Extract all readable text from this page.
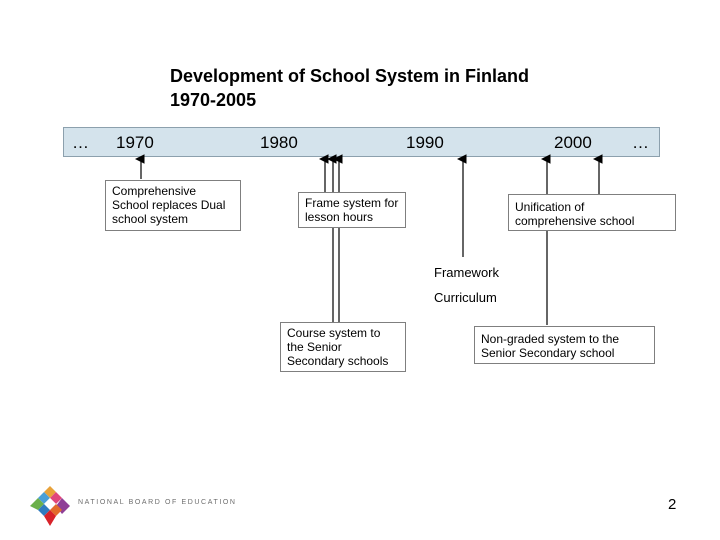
Development of School System in Finland
1970-2005
… 1970	1980	1990	2000 …
Comprehensive School replaces Dual school system
Frame system for lesson hours
Unification of comprehensive school
Framework
Curriculum
Course system to the Senior Secondary schools
Non-graded system to the Senior Secondary school
NATIONAL BOARD OF EDUCATION	2
